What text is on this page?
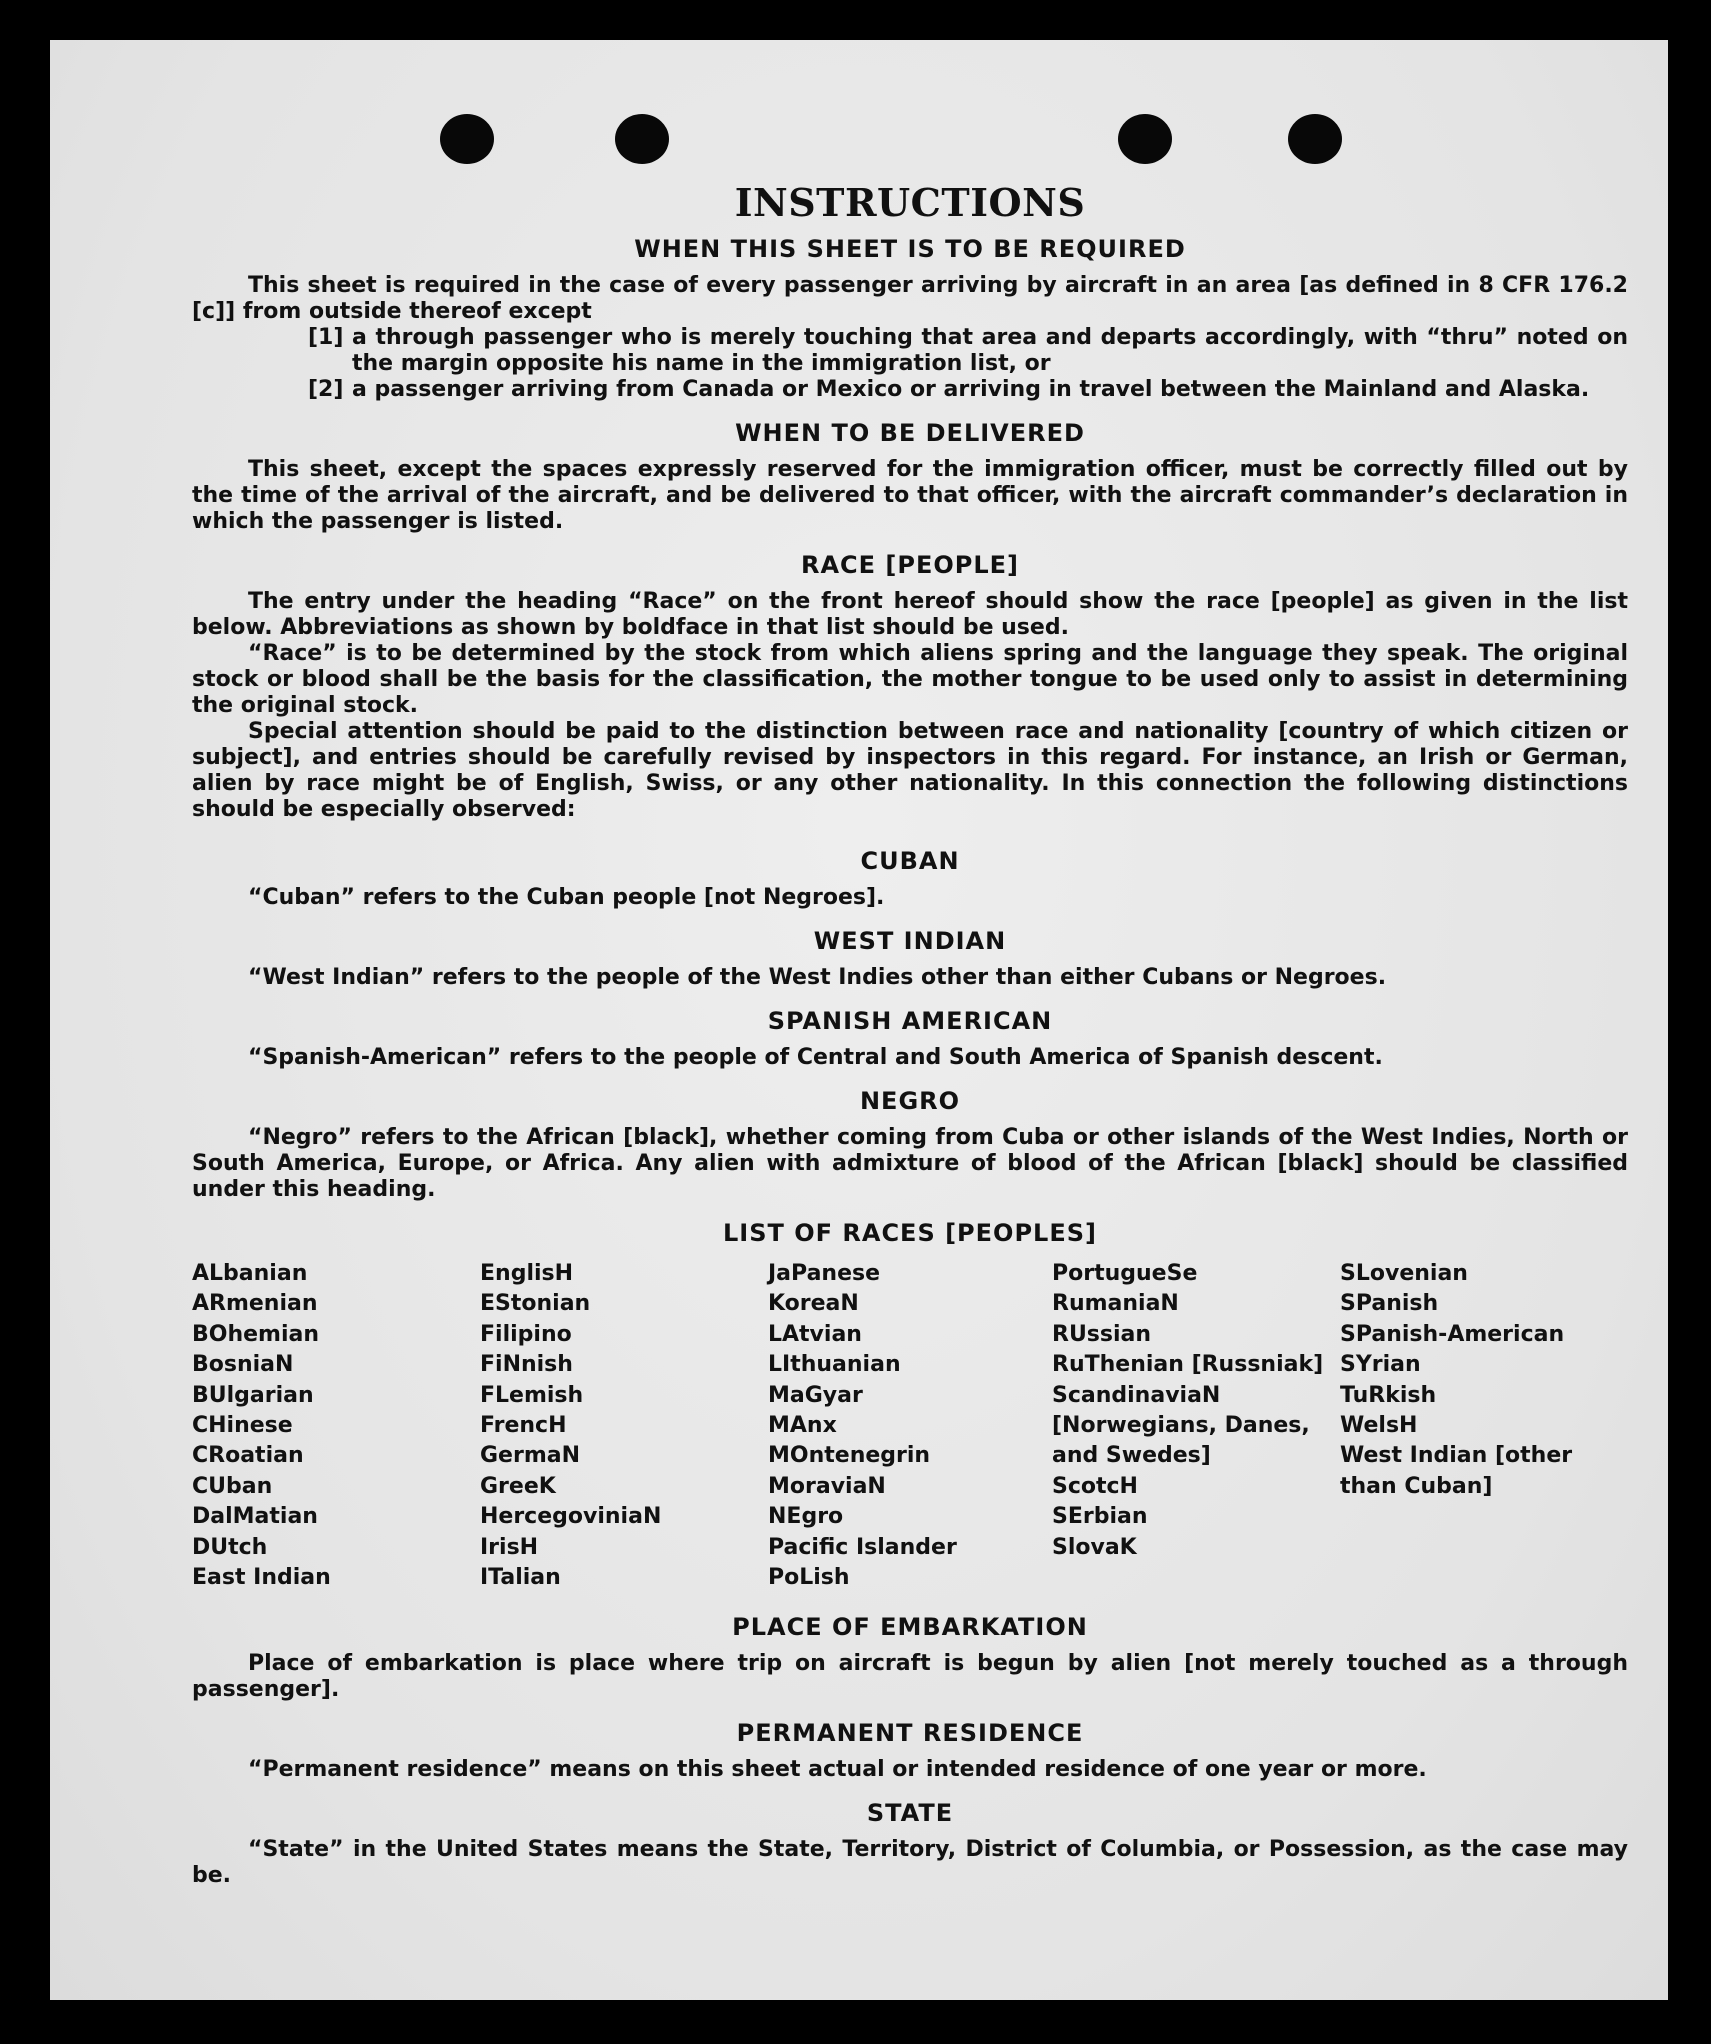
INSTRUCTIONS
WHEN THIS SHEET IS TO BE REQUIRED

This sheet is required in the case of every passenger arriving by aircraft in an area [as defined in 8 CFR 176.2 [c]] from outside thereof except

[1] a through passenger who is merely touching that area and departs accordingly, with “thru” noted on the margin opposite his name in the immigration list, or
[2] a passenger arriving from Canada or Mexico or arriving in travel between the Mainland and Alaska.
WHEN TO BE DELIVERED

This sheet, except the spaces expressly reserved for the immigration officer, must be correctly filled out by the time of the arrival of the aircraft, and be delivered to that officer, with the aircraft commander’s declaration in which the passenger is listed.

RACE [PEOPLE]

The entry under the heading “Race” on the front hereof should show the race [people] as given in the list below. Abbreviations as shown by boldface in that list should be used.

“Race” is to be determined by the stock from which aliens spring and the language they speak. The original stock or blood shall be the basis for the classification, the mother tongue to be used only to assist in determining the original stock.

Special attention should be paid to the distinction between race and nationality [country of which citizen or subject], and entries should be carefully revised by inspectors in this regard. For instance, an Irish or German, alien by race might be of English, Swiss, or any other nationality. In this connection the following distinctions should be especially observed:

CUBAN

“Cuban” refers to the Cuban people [not Negroes].

WEST INDIAN

“West Indian” refers to the people of the West Indies other than either Cubans or Negroes.

SPANISH AMERICAN

“Spanish-American” refers to the people of Central and South America of Spanish descent.

NEGRO

“Negro” refers to the African [black], whether coming from Cuba or other islands of the West Indies, North or South America, Europe, or Africa. Any alien with admixture of blood of the African [black] should be classified under this heading.

LIST OF RACES [PEOPLES]
ALbanian
ARmenian
BOhemian
BosniaN
BUlgarian
CHinese
CRoatian
CUban
DalMatian
DUtch
East Indian
EnglisH
EStonian
Filipino
FiNnish
FLemish
FrencH
GermaN
GreeK
HercegoviniaN
IrisH
ITalian
JaPanese
KoreaN
LAtvian
LIthuanian
MaGyar
MAnx
MOntenegrin
MoraviaN
NEgro
Pacific Islander
PoLish
PortugueSe
RumaniaN
RUssian
RuThenian [Russniak]
ScandinaviaN [Norwegians, Danes, and Swedes]
ScotcH
SErbian
SlovaK
SLovenian
SPanish
SPanish-American
SYrian
TuRkish
WelsH
West Indian [other than Cuban]
PLACE OF EMBARKATION

Place of embarkation is place where trip on aircraft is begun by alien [not merely touched as a through passenger].

PERMANENT RESIDENCE

“Permanent residence” means on this sheet actual or intended residence of one year or more.

STATE

“State” in the United States means the State, Territory, District of Columbia, or Possession, as the case may be.
